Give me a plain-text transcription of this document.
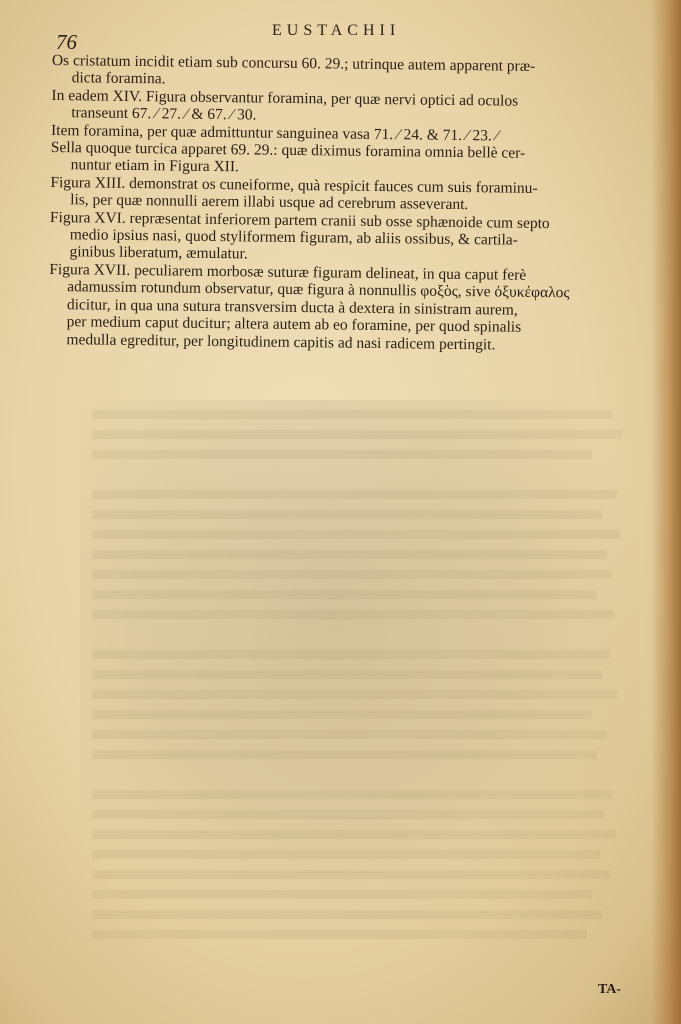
76	EUSTACHII
Os cristatum incidit etiam sub concursu 60. 29.; utrinque autem apparent præ-
dicta foramina.
In eadem XIV. Figura observantur foramina, per quæ nervi optici ad oculos
transeunt 67. ⁄ 27. ⁄ & 67. ⁄ 30.
Item foramina, per quæ admittuntur sanguinea vasa 71. ⁄ 24. & 71. ⁄ 23. ⁄
Sella quoque turcica apparet 69. 29.: quæ diximus foramina omnia bellè cer-
nuntur etiam in Figura XII.
Figura XIII. demonstrat os cuneiforme, quà respicit fauces cum suis foraminu-
lis, per quæ nonnulli aerem illabi usque ad cerebrum asseverant.
Figura XVI. repræsentat inferiorem partem cranii sub osse sphænoide cum septo
medio ipsius nasi, quod styliformem figuram, ab aliis ossibus, & cartila-
ginibus liberatum, æmulatur.
Figura XVII. peculiarem morbosæ suturæ figuram delineat, in qua caput ferè
adamussim rotundum observatur, quæ figura à nonnullis φοξὸς, sive ὀξυκέφαλος
dicitur, in qua una sutura transversim ducta à dextera in sinistram aurem,
per medium caput ducitur; altera autem ab eo foramine, per quod spinalis
medulla egreditur, per longitudinem capitis ad nasi radicem pertingit.
TA-
